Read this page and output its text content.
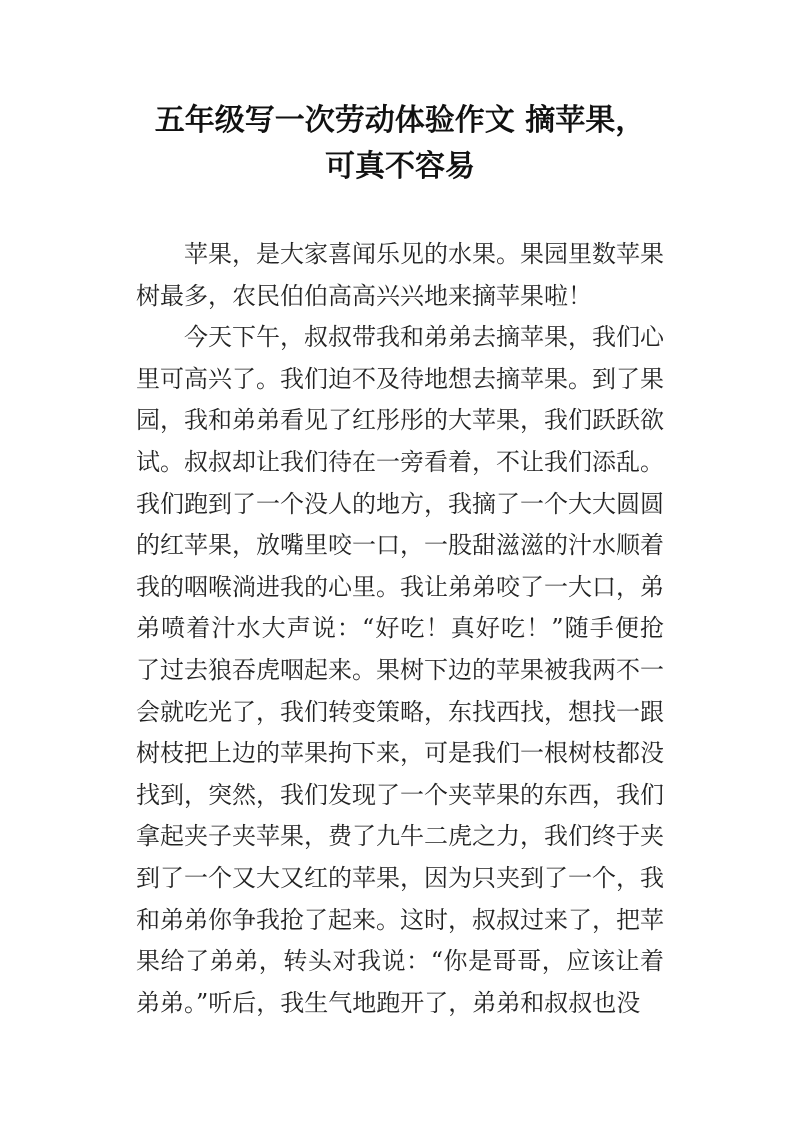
五年级写一次劳动体验作文 摘苹果，
可真不容易

苹果，是大家喜闻乐见的水果。果园里数苹果树最多，农民伯伯高高兴兴地来摘苹果啦！

今天下午，叔叔带我和弟弟去摘苹果，我们心里可高兴了。我们迫不及待地想去摘苹果。到了果园，我和弟弟看见了红彤彤的大苹果，我们跃跃欲试。叔叔却让我们待在一旁看着，不让我们添乱。我们跑到了一个没人的地方，我摘了一个大大圆圆的红苹果，放嘴里咬一口，一股甜滋滋的汁水顺着我的咽喉淌进我的心里。我让弟弟咬了一大口，弟弟喷着汁水大声说：“好吃！真好吃！”随手便抢了过去狼吞虎咽起来。果树下边的苹果被我两不一会就吃光了，我们转变策略，东找西找，想找一跟树枝把上边的苹果拘下来，可是我们一根树枝都没找到，突然，我们发现了一个夹苹果的东西，我们拿起夹子夹苹果，费了九牛二虎之力，我们终于夹到了一个又大又红的苹果，因为只夹到了一个，我和弟弟你争我抢了起来。这时，叔叔过来了，把苹果给了弟弟，转头对我说：“你是哥哥，应该让着弟弟。”听后，我生气地跑开了，弟弟和叔叔也没
